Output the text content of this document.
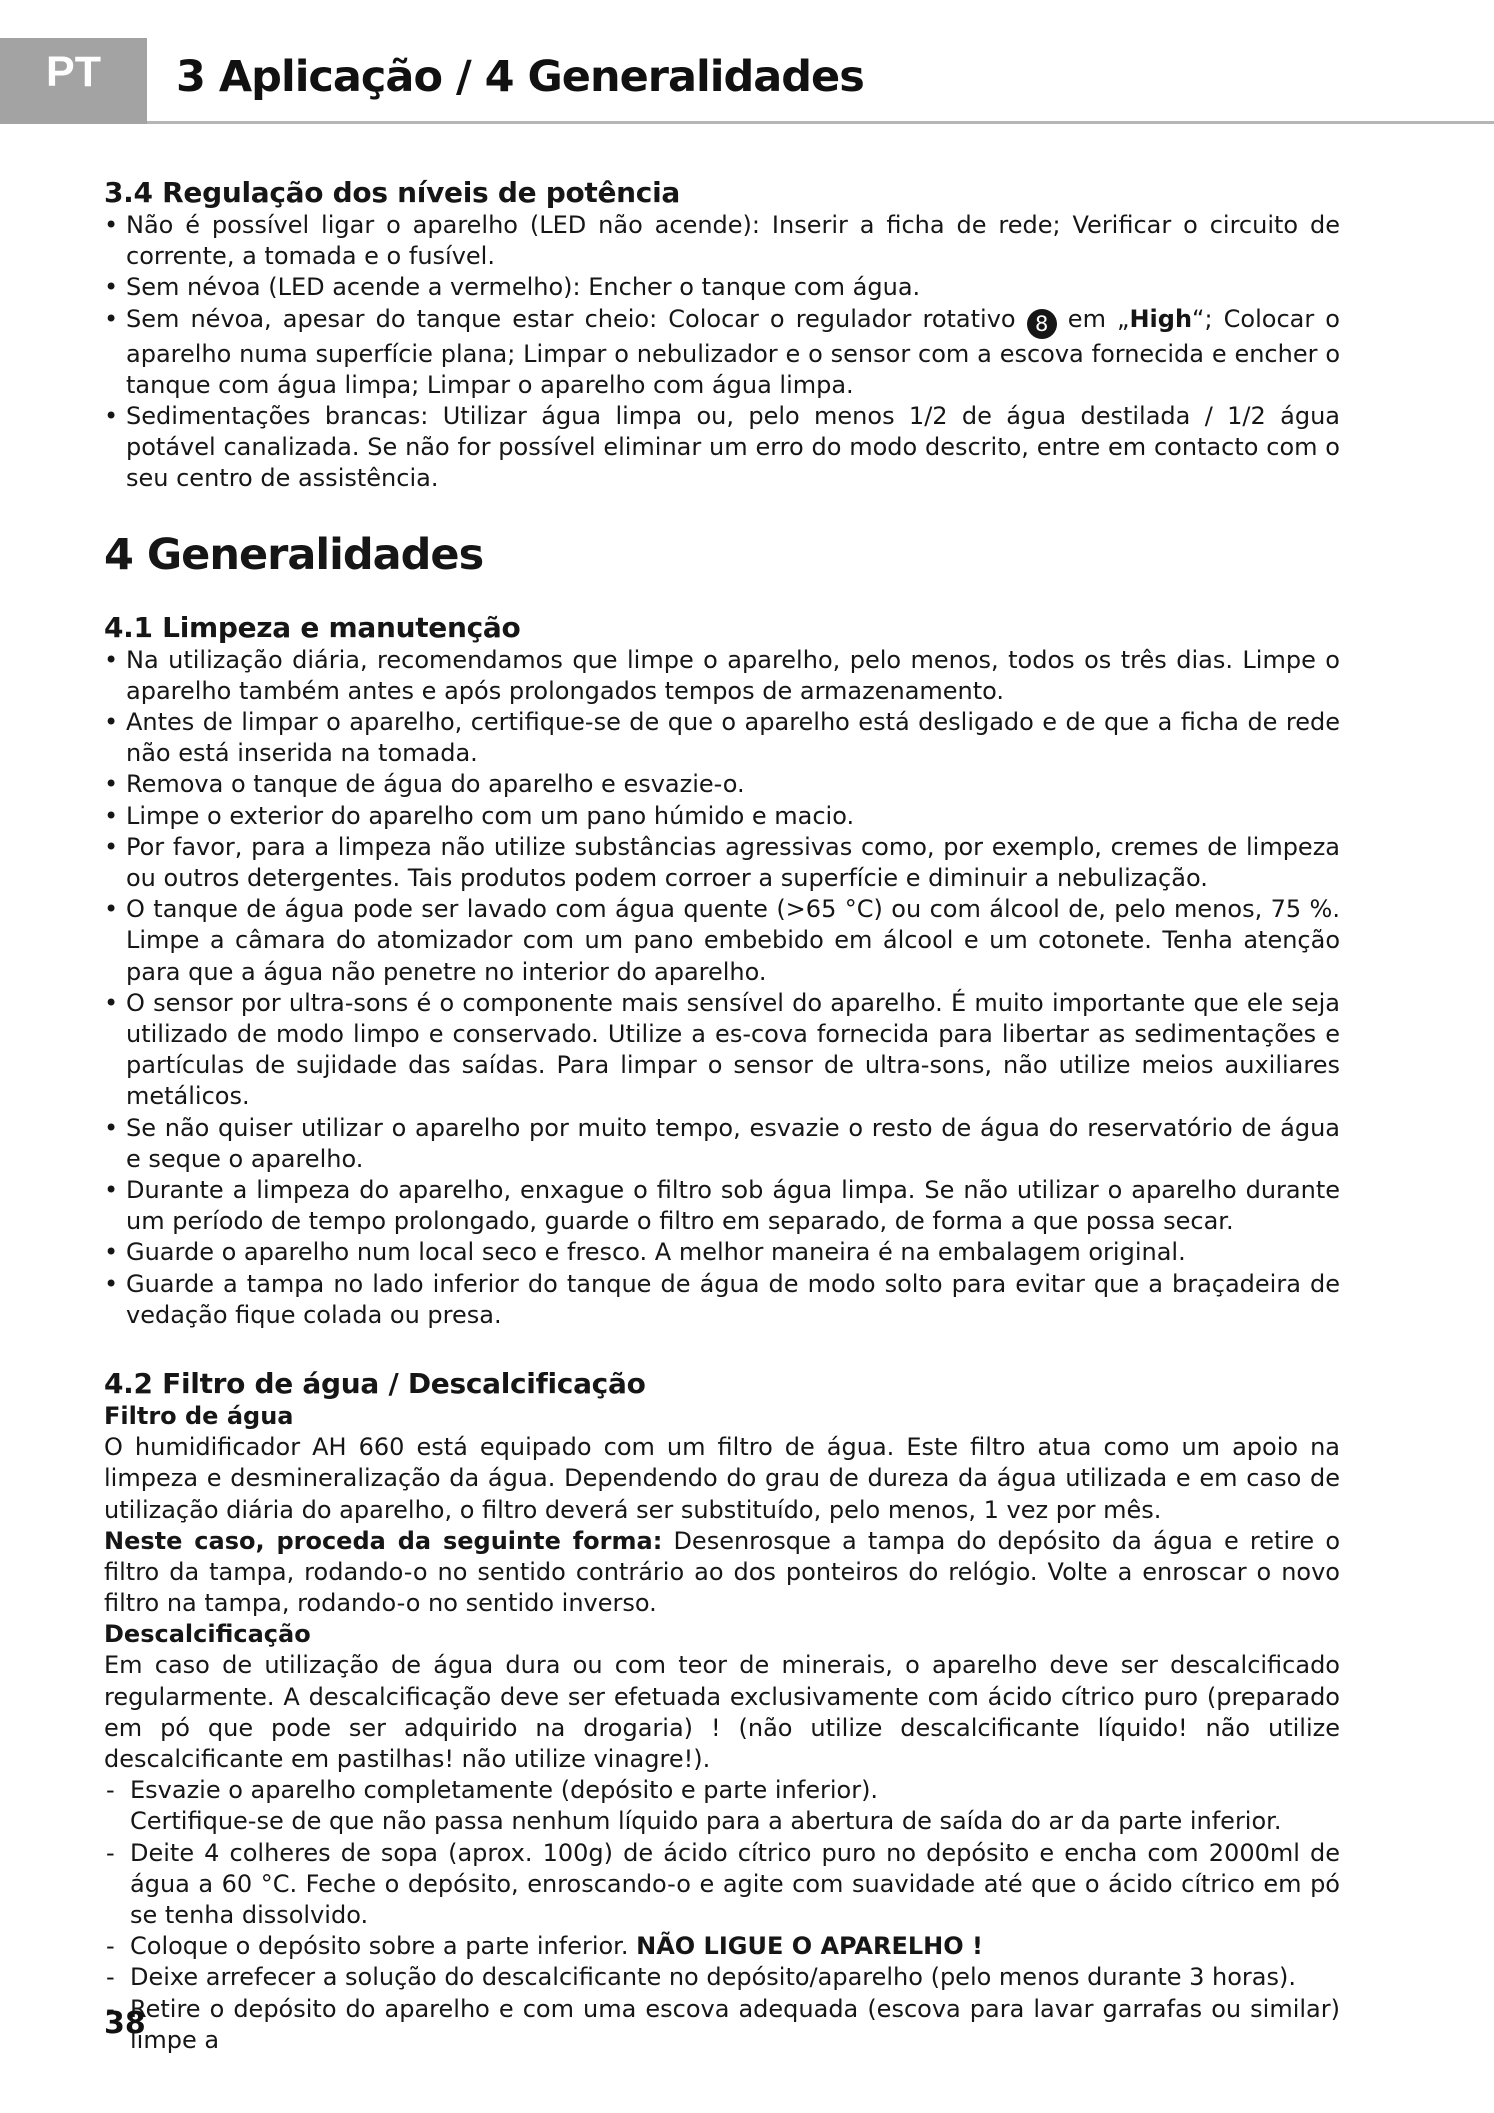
PT	3 Aplicação / 4 Generalidades
3.4 Regulação dos níveis de potência
• Não é possível ligar o aparelho (LED não acende): Inserir a ficha de rede; Verificar o circuito de corrente, a tomada e o fusível.
• Sem névoa (LED acende a vermelho): Encher o tanque com água.
• Sem névoa, apesar do tanque estar cheio: Colocar o regulador rotativo 8 em „High“; Colocar o aparelho numa superfície plana; Limpar o nebulizador e o sensor com a escova fornecida e encher o tanque com água limpa; Limpar o aparelho com água limpa.
• Sedimentações brancas: Utilizar água limpa ou, pelo menos 1/2 de água destilada / 1/2 água potável canalizada. Se não for possível eliminar um erro do modo descrito, entre em contacto com o seu centro de assistência.
4 Generalidades
4.1 Limpeza e manutenção
• Na utilização diária, recomendamos que limpe o aparelho, pelo menos, todos os três dias. Limpe o aparelho também antes e após prolongados tempos de armazenamento.
• Antes de limpar o aparelho, certifique-se de que o aparelho está desligado e de que a ficha de rede não está inserida na tomada.
• Remova o tanque de água do aparelho e esvazie-o.
• Limpe o exterior do aparelho com um pano húmido e macio.
• Por favor, para a limpeza não utilize substâncias agressivas como, por exemplo, cremes de limpeza ou outros detergentes. Tais produtos podem corroer a superfície e diminuir a nebulização.
• O tanque de água pode ser lavado com água quente (>65 °C) ou com álcool de, pelo menos, 75 %. Limpe a câmara do atomizador com um pano embebido em álcool e um cotonete. Tenha atenção para que a água não penetre no interior do aparelho.
• O sensor por ultra-sons é o componente mais sensível do aparelho. É muito importante que ele seja utilizado de modo limpo e conservado. Utilize a es-cova fornecida para libertar as sedimentações e partículas de sujidade das saídas. Para limpar o sensor de ultra-sons, não utilize meios auxiliares metálicos.
• Se não quiser utilizar o aparelho por muito tempo, esvazie o resto de água do reservatório de água e seque o aparelho.
• Durante a limpeza do aparelho, enxague o filtro sob água limpa. Se não utilizar o aparelho durante um período de tempo prolongado, guarde o filtro em separado, de forma a que possa secar.
• Guarde o aparelho num local seco e fresco. A melhor maneira é na embalagem original.
• Guarde a tampa no lado inferior do tanque de água de modo solto para evitar que a braçadeira de vedação fique colada ou presa.
4.2 Filtro de água / Descalcificação
Filtro de água

O humidificador AH 660 está equipado com um filtro de água. Este filtro atua como um apoio na limpeza e desmineralização da água. Dependendo do grau de dureza da água utilizada e em caso de utilização diária do aparelho, o filtro deverá ser substituído, pelo menos, 1 vez por mês.

Neste caso, proceda da seguinte forma: Desenrosque a tampa do depósito da água e retire o filtro da tampa, rodando-o no sentido contrário ao dos ponteiros do relógio. Volte a enroscar o novo filtro na tampa, rodando-o no sentido inverso.

Descalcificação

Em caso de utilização de água dura ou com teor de minerais, o aparelho deve ser descalcificado regularmente. A descalcificação deve ser efetuada exclusivamente com ácido cítrico puro (preparado em pó que pode ser adquirido na drogaria) ! (não utilize descalcificante líquido! não utilize descalcificante em pastilhas! não utilize vinagre!).

- Esvazie o aparelho completamente (depósito e parte inferior).
Certifique-se de que não passa nenhum líquido para a abertura de saída do ar da parte inferior.
- Deite 4 colheres de sopa (aprox. 100g) de ácido cítrico puro no depósito e encha com 2000ml de água a 60 °C. Feche o depósito, enroscando-o e agite com suavidade até que o ácido cítrico em pó se tenha dissolvido.
- Coloque o depósito sobre a parte inferior. NÃO LIGUE O APARELHO !
- Deixe arrefecer a solução do descalcificante no depósito/aparelho (pelo menos durante 3 horas).
- Retire o depósito do aparelho e com uma escova adequada (escova para lavar garrafas ou similar) limpe a
38
